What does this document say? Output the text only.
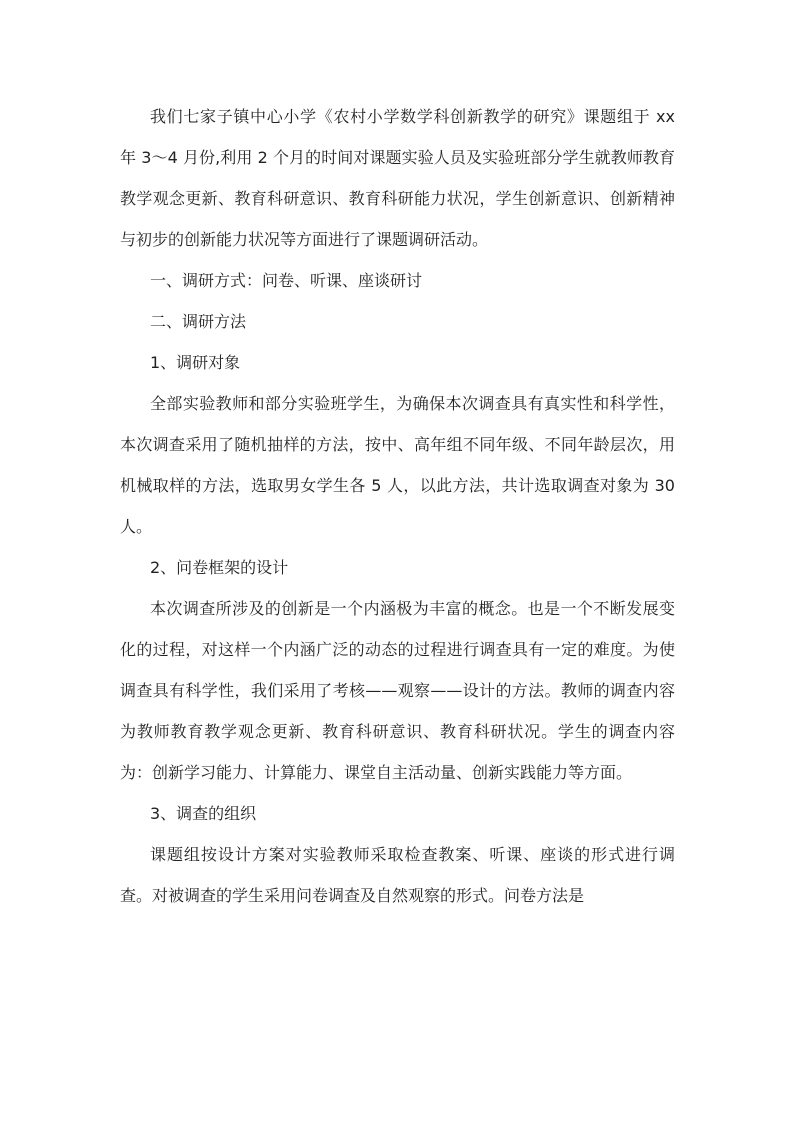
我们七家子镇中心小学《农村小学数学科创新教学的研究》课题组于 xx 年 3～4 月份,利用 2 个月的时间对课题实验人员及实验班部分学生就教师教育教学观念更新、教育科研意识、教育科研能力状况，学生创新意识、创新精神与初步的创新能力状况等方面进行了课题调研活动。

一、调研方式：问卷、听课、座谈研讨

二、调研方法

1、调研对象

全部实验教师和部分实验班学生，为确保本次调查具有真实性和科学性，本次调查采用了随机抽样的方法，按中、高年组不同年级、不同年龄层次，用机械取样的方法，选取男女学生各 5 人，以此方法，共计选取调查对象为 30 人。

2、问卷框架的设计

本次调查所涉及的创新是一个内涵极为丰富的概念。也是一个不断发展变化的过程，对这样一个内涵广泛的动态的过程进行调查具有一定的难度。为使调查具有科学性，我们采用了考核——观察——设计的方法。教师的调查内容为教师教育教学观念更新、教育科研意识、教育科研状况。学生的调查内容为：创新学习能力、计算能力、课堂自主活动量、创新实践能力等方面。

3、调查的组织

课题组按设计方案对实验教师采取检查教案、听课、座谈的形式进行调查。对被调查的学生采用问卷调查及自然观察的形式。问卷方法是
